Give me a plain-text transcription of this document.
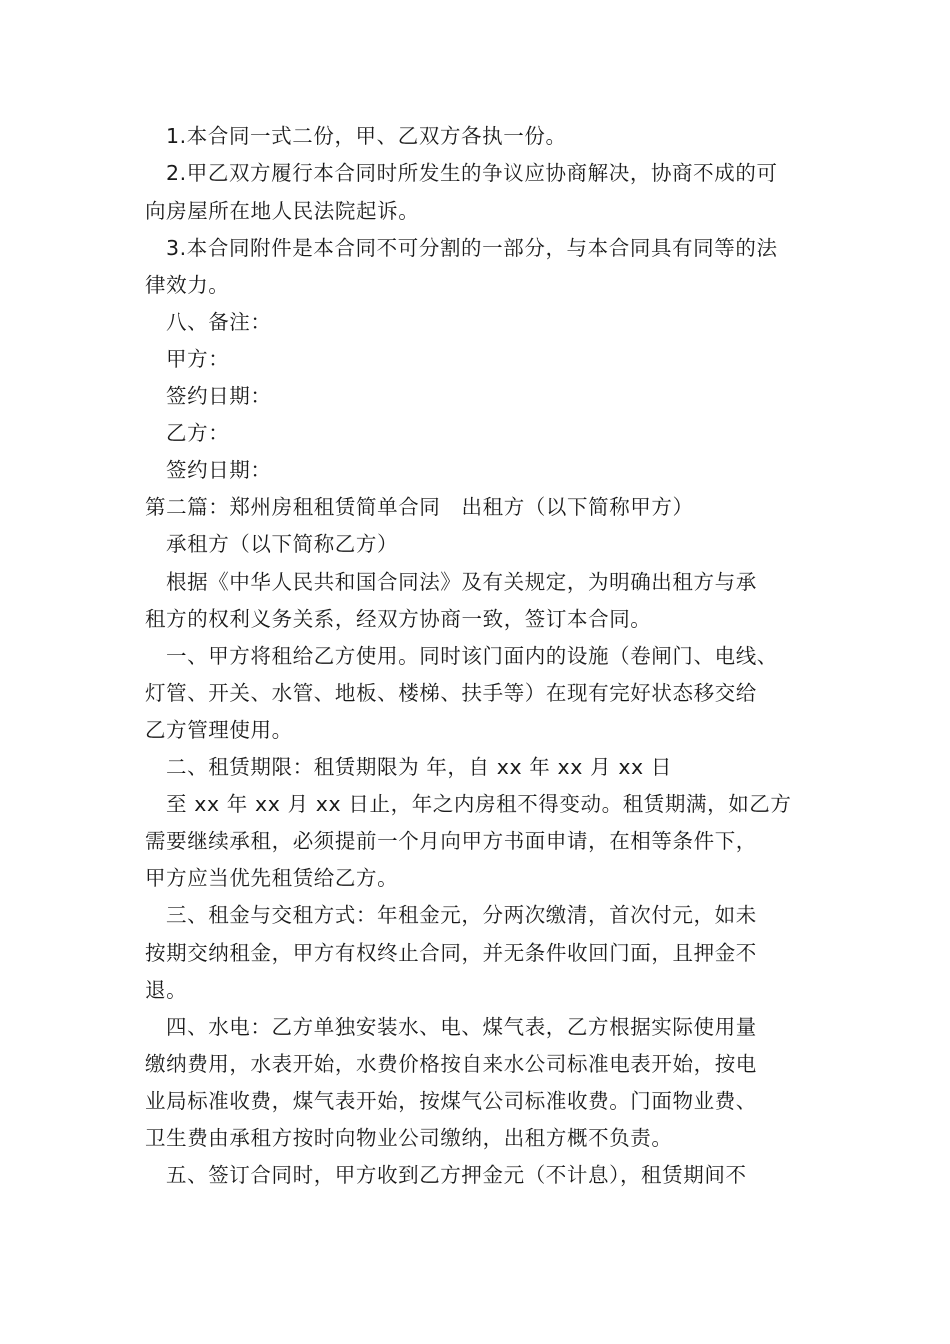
1.本合同一式二份，甲、乙双方各执一份。
2.甲乙双方履行本合同时所发生的争议应协商解决，协商不成的可
向房屋所在地人民法院起诉。
3.本合同附件是本合同不可分割的一部分，与本合同具有同等的法
律效力。
八、备注：
甲方：
签约日期：
乙方：
签约日期：
第二篇：郑州房租租赁简单合同　出租方（以下简称甲方）
承租方（以下简称乙方）
根据《中华人民共和国合同法》及有关规定，为明确出租方与承
租方的权利义务关系，经双方协商一致，签订本合同。
一、甲方将租给乙方使用。同时该门面内的设施（卷闸门、电线、
灯管、开关、水管、地板、楼梯、扶手等）在现有完好状态移交给
乙方管理使用。
二、租赁期限：租赁期限为 年，自 xx 年 xx 月 xx 日
至 xx 年 xx 月 xx 日止，年之内房租不得变动。租赁期满，如乙方
需要继续承租，必须提前一个月向甲方书面申请，在相等条件下，
甲方应当优先租赁给乙方。
三、租金与交租方式：年租金元，分两次缴清，首次付元，如未
按期交纳租金，甲方有权终止合同，并无条件收回门面，且押金不
退。
四、水电：乙方单独安装水、电、煤气表，乙方根据实际使用量
缴纳费用，水表开始，水费价格按自来水公司标准电表开始，按电
业局标准收费，煤气表开始，按煤气公司标准收费。门面物业费、
卫生费由承租方按时向物业公司缴纳，出租方概不负责。
五、签订合同时，甲方收到乙方押金元（不计息），租赁期间不
